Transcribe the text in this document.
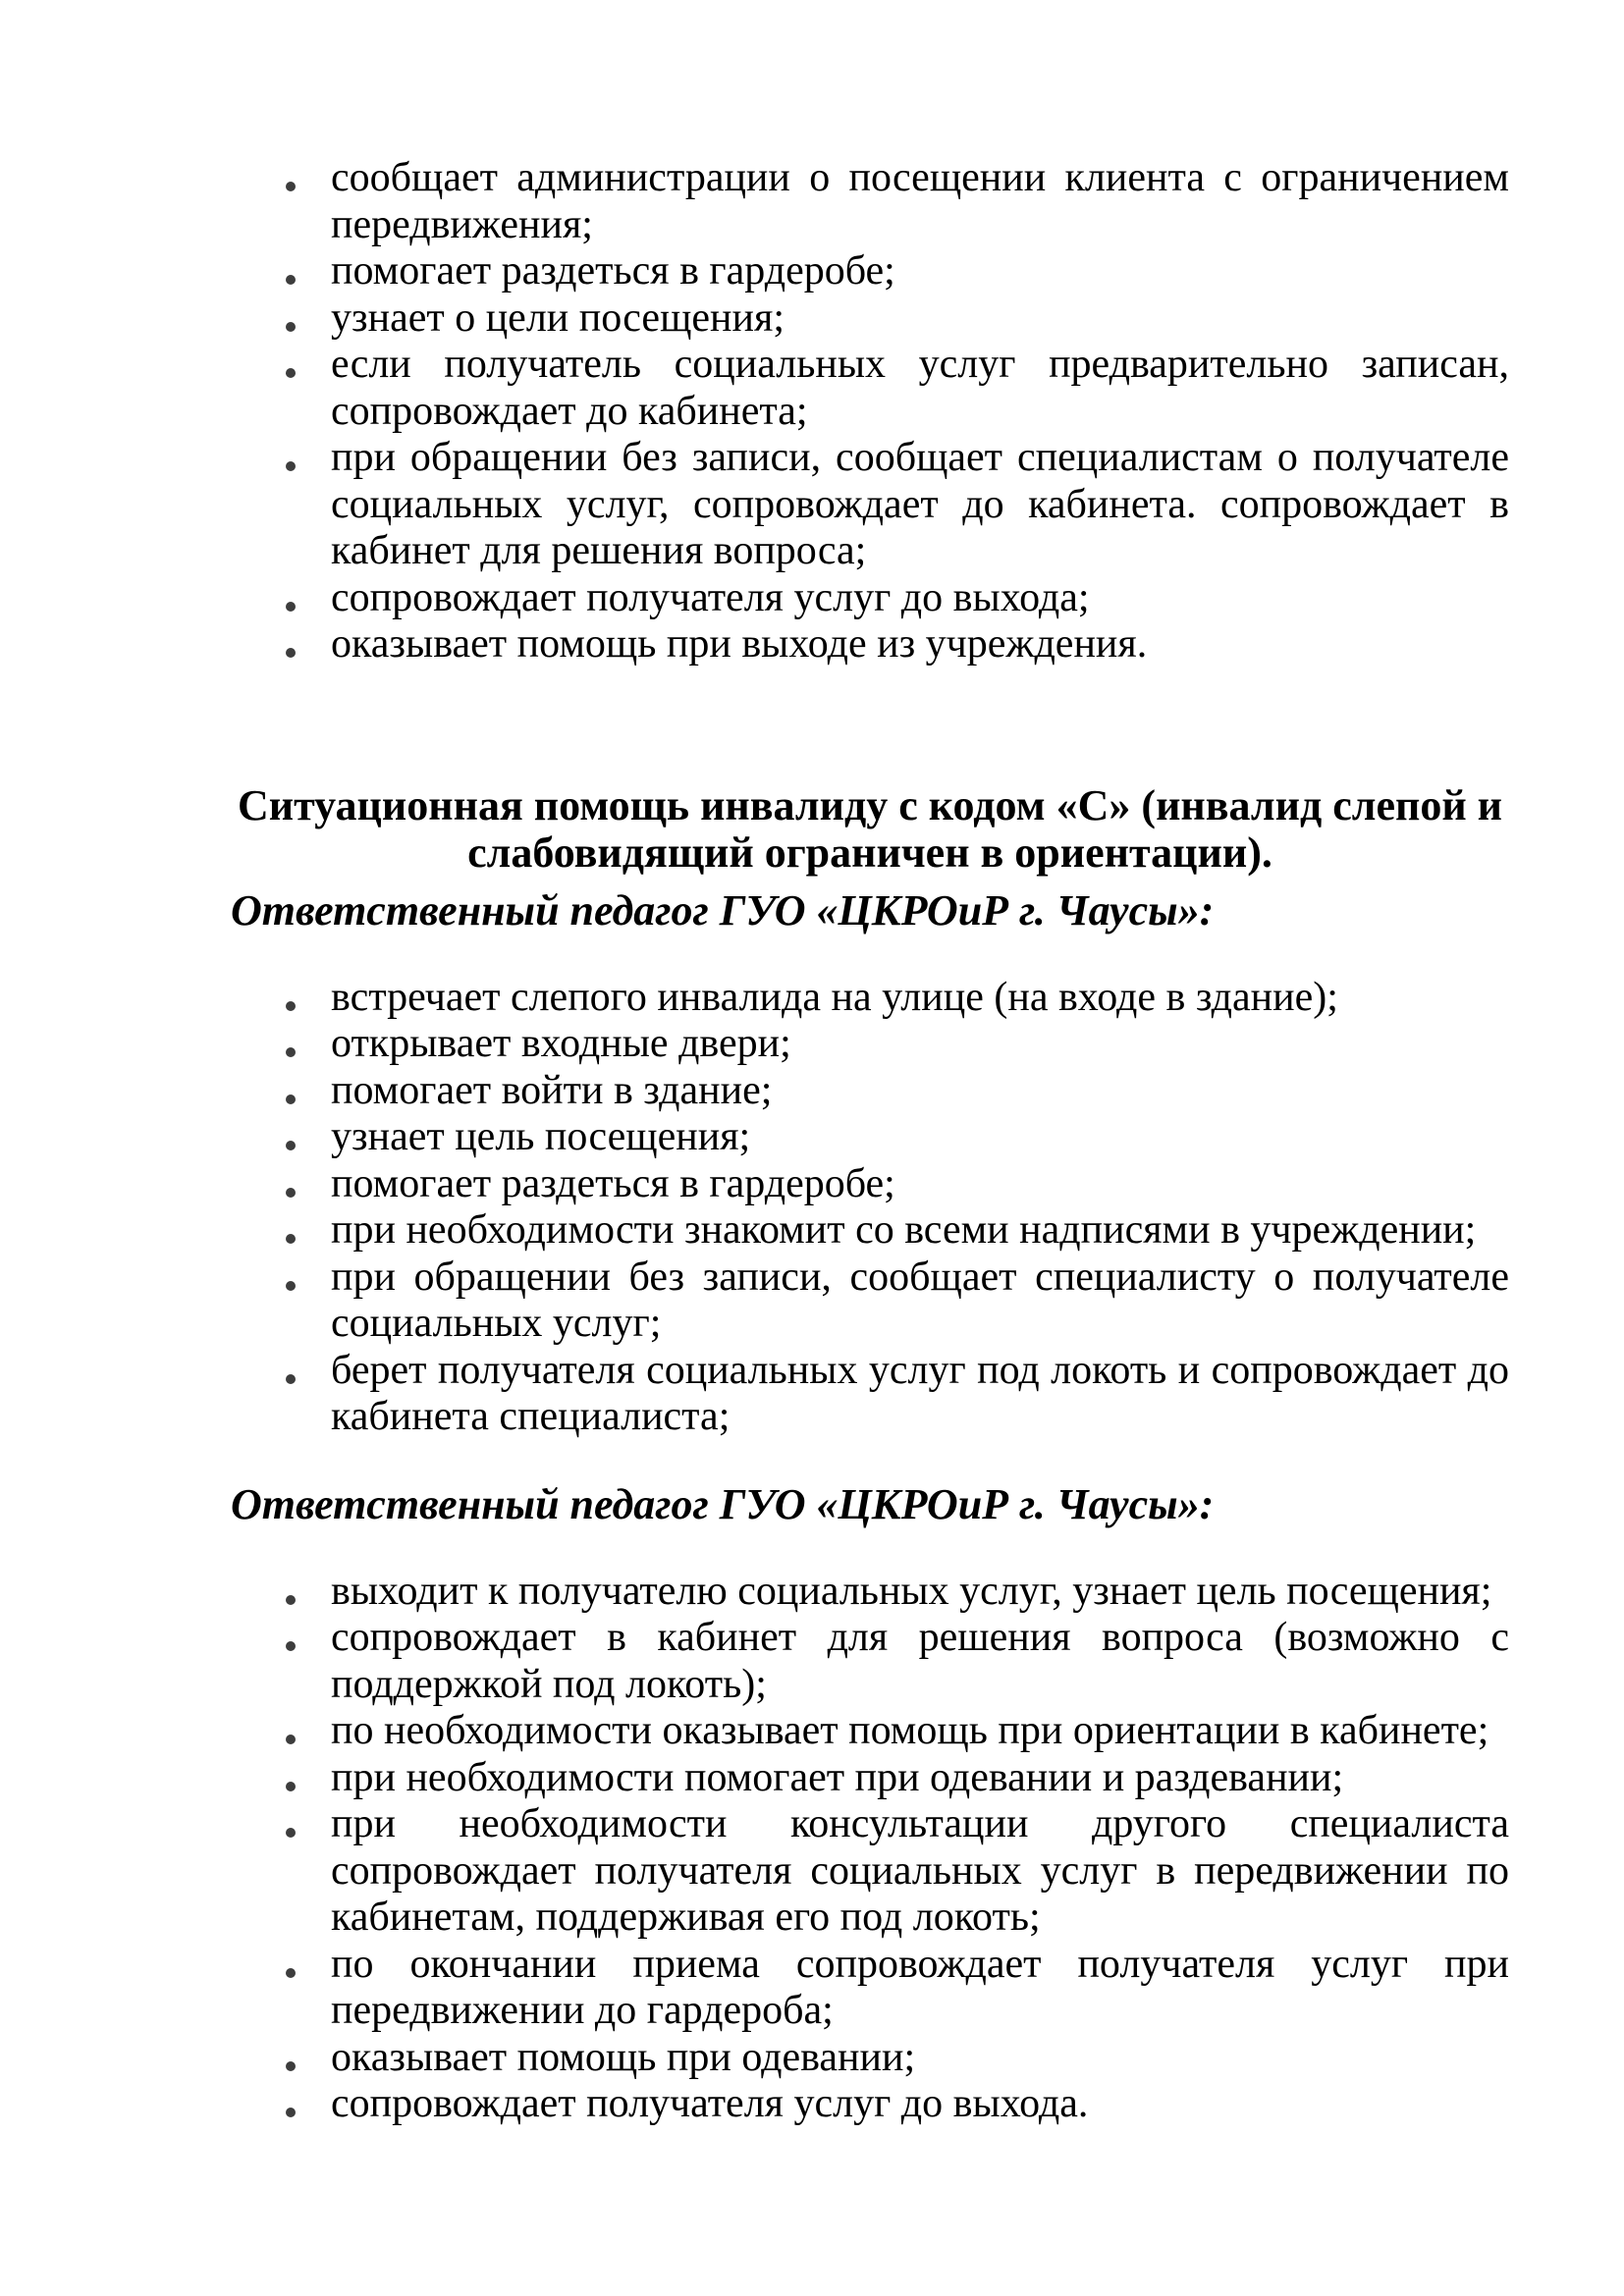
сообщает администрации о посещении клиента с ограничением передвижения;
помогает раздеться в гардеробе;
узнает о цели посещения;
если получатель социальных услуг предварительно записан, сопровождает до кабинета;
при обращении без записи, сообщает специалистам о получателе социальных услуг, сопровождает до кабинета. сопровождает в кабинет для решения вопроса;
сопровождает получателя услуг до выхода;
оказывает помощь при выходе из учреждения.
Ситуационная помощь инвалиду с кодом «С» (инвалид слепой и слабовидящий ограничен в ориентации).
Ответственный педагог ГУО «ЦКРОиР г. Чаусы»:
встречает слепого инвалида на улице (на входе в здание);
открывает входные двери;
помогает войти в здание;
узнает цель посещения;
помогает раздеться в гардеробе;
при необходимости знакомит со всеми надписями в учреждении;
при обращении без записи, сообщает специалисту о получателе социальных услуг;
берет получателя социальных услуг под локоть и сопровождает до кабинета специалиста;
Ответственный педагог ГУО «ЦКРОиР г. Чаусы»:
выходит к получателю социальных услуг, узнает цель посещения;
сопровождает в кабинет для решения вопроса (возможно с поддержкой под локоть);
по необходимости оказывает помощь при ориентации в кабинете;
при необходимости помогает при одевании и раздевании;
при необходимости консультации другого специалиста сопровождает получателя социальных услуг в передвижении по кабинетам, поддерживая его под локоть;
по окончании приема сопровождает получателя услуг при передвижении до гардероба;
оказывает помощь при одевании;
сопровождает получателя услуг до выхода.
